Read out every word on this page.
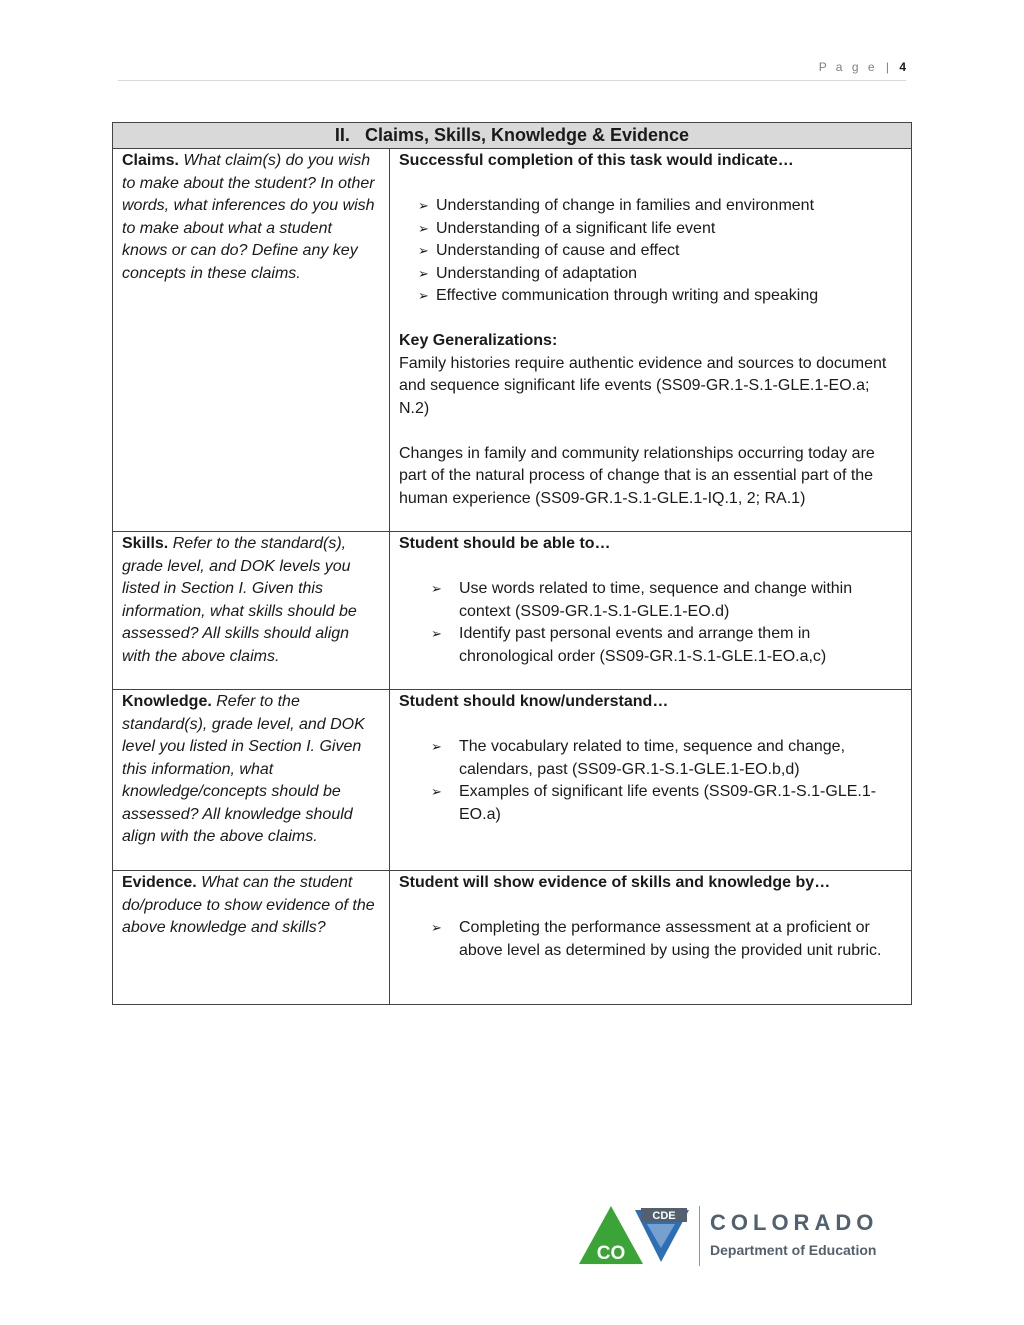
P a g e | 4
II. Claims, Skills, Knowledge & Evidence
Claims. What claim(s) do you wish to make about the student? In other words, what inferences do you wish to make about what a student knows or can do? Define any key concepts in these claims.
Successful completion of this task would indicate…
➢ Understanding of change in families and environment
➢ Understanding of a significant life event
➢ Understanding of cause and effect
➢ Understanding of adaptation
➢ Effective communication through writing and speaking
Key Generalizations:
Family histories require authentic evidence and sources to document and sequence significant life events (SS09-GR.1-S.1-GLE.1-EO.a; N.2)
Changes in family and community relationships occurring today are part of the natural process of change that is an essential part of the human experience (SS09-GR.1-S.1-GLE.1-IQ.1, 2; RA.1)
Skills. Refer to the standard(s), grade level, and DOK levels you listed in Section I. Given this information, what skills should be assessed? All skills should align with the above claims.
Student should be able to…
➢ Use words related to time, sequence and change within context (SS09-GR.1-S.1-GLE.1-EO.d)
➢ Identify past personal events and arrange them in chronological order (SS09-GR.1-S.1-GLE.1-EO.a,c)
Knowledge. Refer to the standard(s), grade level, and DOK level you listed in Section I. Given this information, what knowledge/concepts should be assessed? All knowledge should align with the above claims.
Student should know/understand…
➢ The vocabulary related to time, sequence and change, calendars, past (SS09-GR.1-S.1-GLE.1-EO.b,d)
➢ Examples of significant life events (SS09-GR.1-S.1-GLE.1-EO.a)
Evidence. What can the student do/produce to show evidence of the above knowledge and skills?
Student will show evidence of skills and knowledge by…
➢ Completing the performance assessment at a proficient or above level as determined by using the provided unit rubric.
CDE
CO
COLORADO
Department of Education
